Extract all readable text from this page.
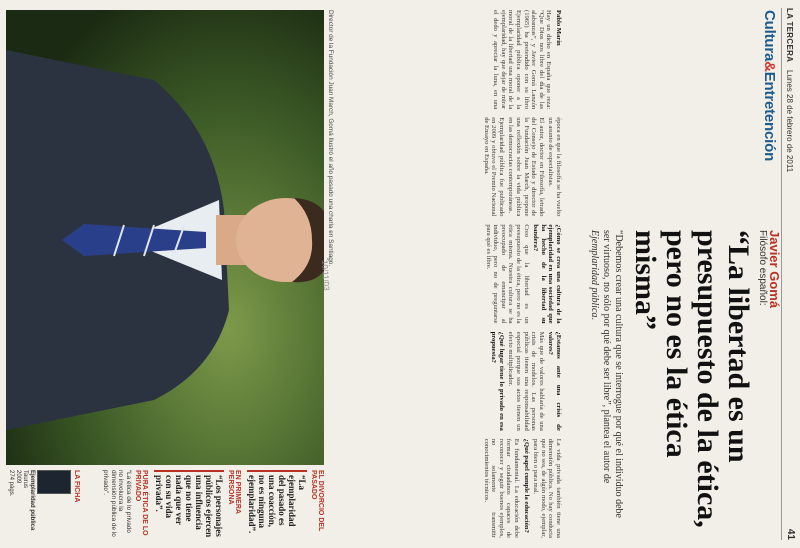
LA TERCERA
Lunes 28 de febrero de 2011
41
Cultura&Entretención
Javier Gomá
Filósofo español:
“La libertad es un presupuesto de la ética, pero no es la ética misma”
“Debemos crear una cultura que se interrogue por qué el individuo debe ser virtuoso, no sólo por qué debe ser libre”, plantea el autor de Ejemplaridad pública.
Pablo Marín

Hay un dicho en España que reza: “Que Dios nos libre del día de las alabanzas”, y Javier Gomá Lanzón (1965) ha pretendido con su libro Ejemplaridad pública oponer a la moral de la libertad una moral de la ejemplaridad, hay que dejar de mirar el dedo y apreciar la luna, en una época en que la filosofía se ha vuelto un asunto de especialistas.

El autor, doctor en Filosofía, letrado del Consejo de Estado y director de la Fundación Juan March, propone una reflexión sobre la vida pública en las democracias contemporáneas.

Ejemplaridad pública fue publicado en 2009 y obtuvo el Premio Nacional de Ensayo en España.

¿Cómo se crea una cultura de la ejemplaridad en una sociedad que ha hecho de la libertad su bandera?

Creo que la libertad es un presupuesto de la ética, pero no es la ética misma. Nuestra cultura se ha preocupado de emancipar al individuo, pero no de preguntarse para qué es libre.

¿Estamos ante una crisis de valores?

Más que de valores hablaría de una crisis de modelos. Las personas públicas tienen una responsabilidad especial porque sus actos tienen un efecto multiplicador.

¿Qué lugar tiene lo privado en esa propuesta?

La vida privada también tiene una dimensión pública. No hay conducta que no sea, de algún modo, ejemplar, para bien o para mal.

¿Qué papel cumple la educación?

Es fundamental. La educación debe formar ciudadanos capaces de reconocer y seguir buenos ejemplos, no solamente transmitir conocimientos técnicos.

Director de la Fundación Juan March, Gomá Ilustró el año pasado una charla en Santiago.
10/11/03
EL DIVORCIO DEL PASADO
“La ejemplaridad del pasado es una coacción, no es ninguna ejemplaridad”.
EN PRIMERA PERSONA
“Los personajes públicos ejercen una influencia que no tiene nada que ver con su vida privada”.
PURA ÉTICA DE LO PRIVADO
“La ética de lo privado no involucra la dimensión pública de lo privado”.
LA FICHA
Ejemplaridad pública
Taurus
2009
274 págs.
